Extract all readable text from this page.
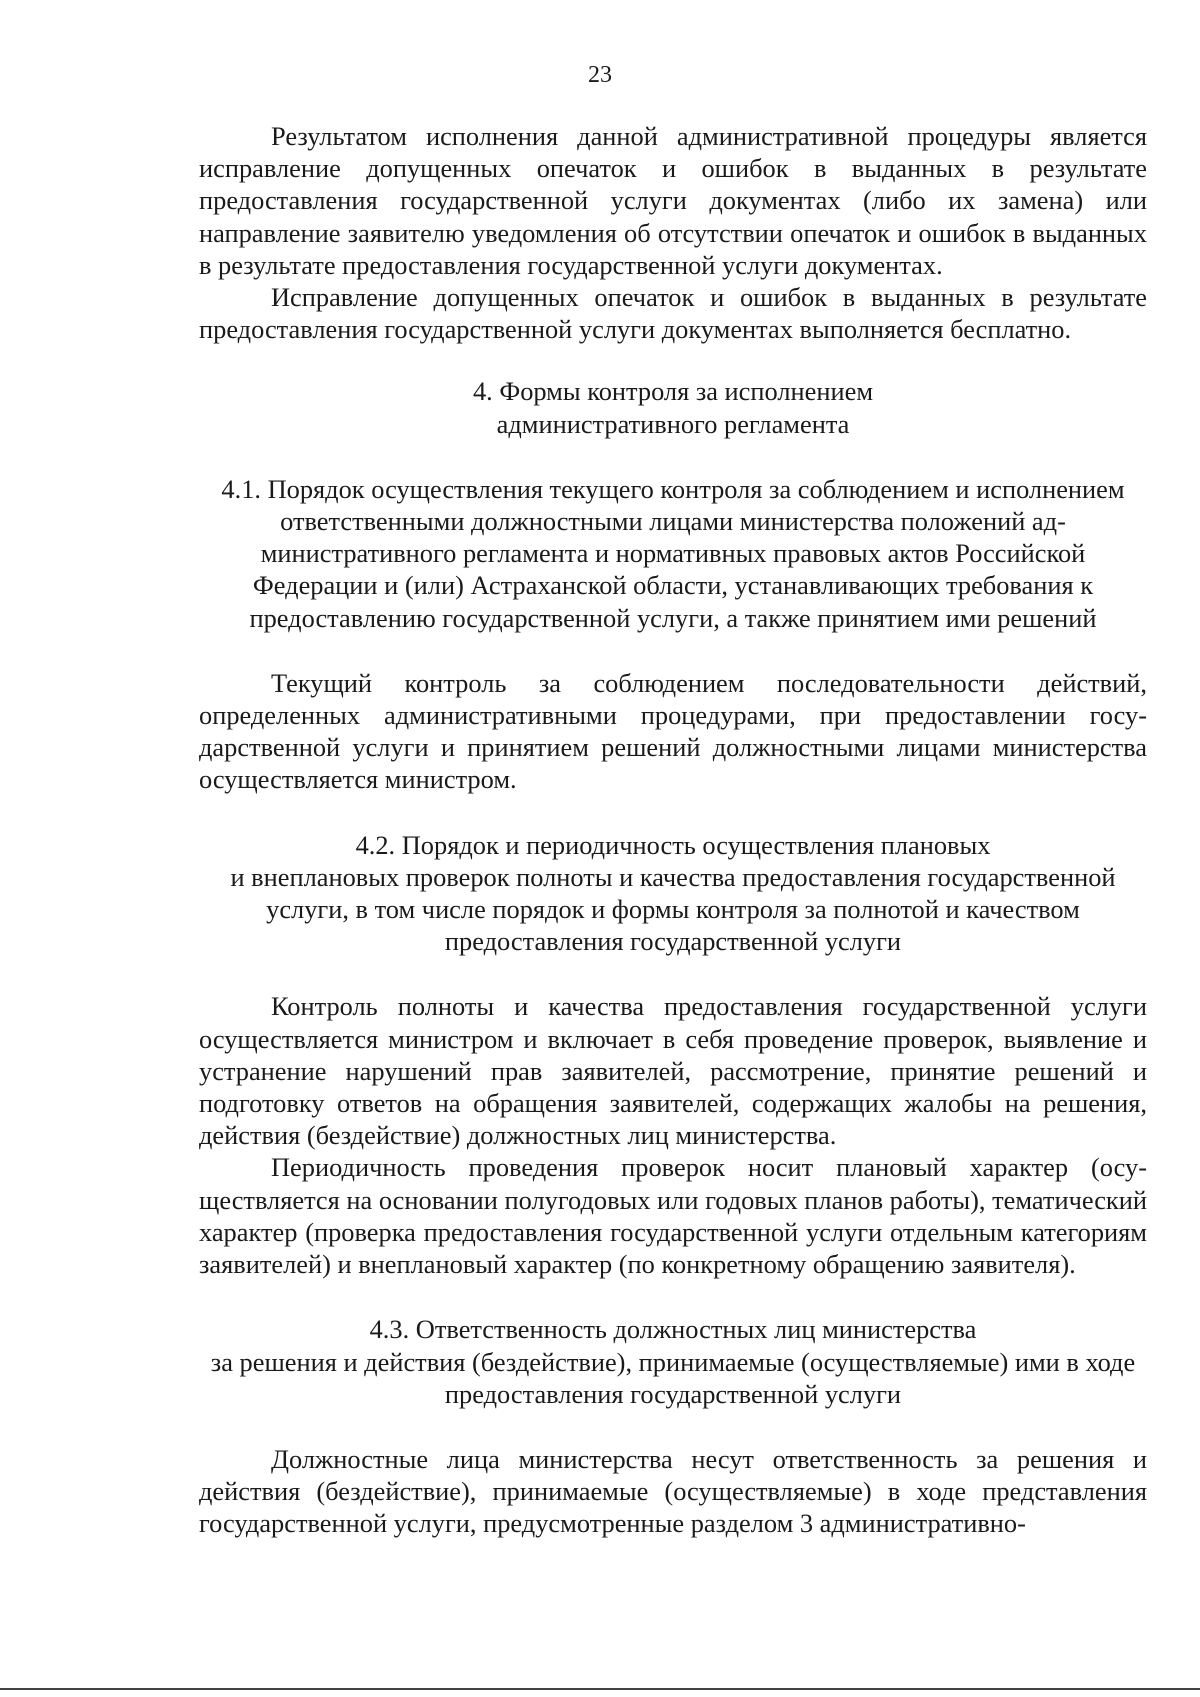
23

Результатом исполнения данной административной процедуры является исправление допущенных опечаток и ошибок в выданных в результате предоставления государственной услуги документах (либо их замена) или направление заявителю уведомления об отсутствии опечаток и ошибок в выданных в результате предоставления государственной услуги документах.

Исправление допущенных опечаток и ошибок в выданных в результате предоставления государственной услуги документах выполняется бесплатно.

4. Формы контроля за исполнением
административного регламента

4.1. Порядок осуществления текущего контроля за соблюдением и исполнением ответственными должностными лицами министерства положений административного регламента и нормативных правовых актов Российской Федерации и (или) Астраханской области, устанавливающих требования к предоставлению государственной услуги, а также принятием ими решений

Текущий контроль за соблюдением последовательности действий, определенных административными процедурами, при предоставлении государственной услуги и принятием решений должностными лицами министерства осуществляется министром.

4.2. Порядок и периодичность осуществления плановых
и внеплановых проверок полноты и качества предоставления государственной услуги, в том числе порядок и формы контроля за полнотой и качеством предоставления государственной услуги

Контроль полноты и качества предоставления государственной услуги осуществляется министром и включает в себя проведение проверок, выявление и устранение нарушений прав заявителей, рассмотрение, принятие решений и подготовку ответов на обращения заявителей, содержащих жалобы на решения, действия (бездействие) должностных лиц министерства.

Периодичность проведения проверок носит плановый характер (осуществляется на основании полугодовых или годовых планов работы), тематический характер (проверка предоставления государственной услуги отдельным категориям заявителей) и внеплановый характер (по конкретному обращению заявителя).

4.3. Ответственность должностных лиц министерства
за решения и действия (бездействие), принимаемые (осуществляемые) ими в ходе предоставления государственной услуги

Должностные лица министерства несут ответственность за решения и действия (бездействие), принимаемые (осуществляемые) в ходе представления государственной услуги, предусмотренные разделом 3 административно-
